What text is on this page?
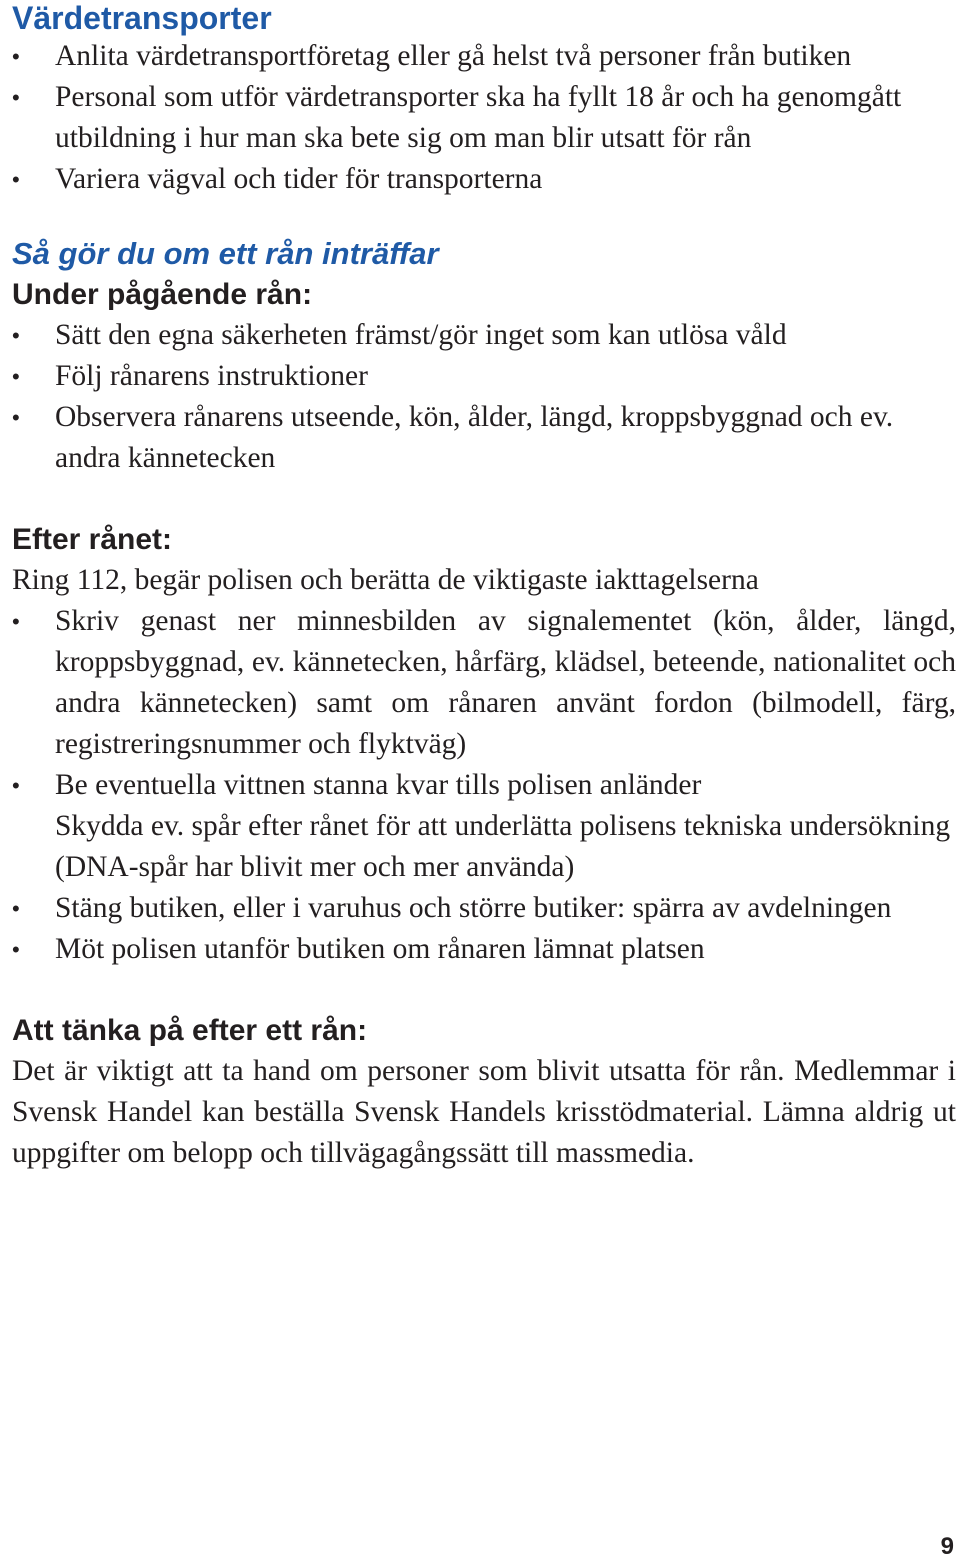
Värdetransporter
•	Anlita värdetransportföretag eller gå helst två personer från butiken
•	Personal som utför värdetransporter ska ha fyllt 18 år och ha genomgått utbildning i hur man ska bete sig om man blir utsatt för rån
•	Variera vägval och tider för transporterna
Så gör du om ett rån inträffar
Under pågående rån:
•	Sätt den egna säkerheten främst/gör inget som kan utlösa våld
•	Följ rånarens instruktioner
•	Observera rånarens utseende, kön, ålder, längd, kroppsbyggnad och ev. andra kännetecken
Efter rånet:

Ring 112, begär polisen och berätta de viktigaste iakttagelserna

•	Skriv genast ner minnesbilden av signalementet (kön, ålder, längd, kroppsbyggnad, ev. kännetecken, hårfärg, klädsel, beteende, nationalitet och andra kännetecken) samt om rånaren använt fordon (bilmodell, färg, registreringsnummer och flyktväg)
•	Be eventuella vittnen stanna kvar tills polisen anländer
Skydda ev. spår efter rånet för att underlätta polisens tekniska undersökning (DNA-spår har blivit mer och mer använda)
•	Stäng butiken, eller i varuhus och större butiker: spärra av avdelningen
•	Möt polisen utanför butiken om rånaren lämnat platsen
Att tänka på efter ett rån:

Det är viktigt att ta hand om personer som blivit utsatta för rån. Medlemmar i Svensk Handel kan beställa Svensk Handels krisstödmaterial. Lämna aldrig ut uppgifter om belopp och tillvägagångssätt till massmedia.

9
